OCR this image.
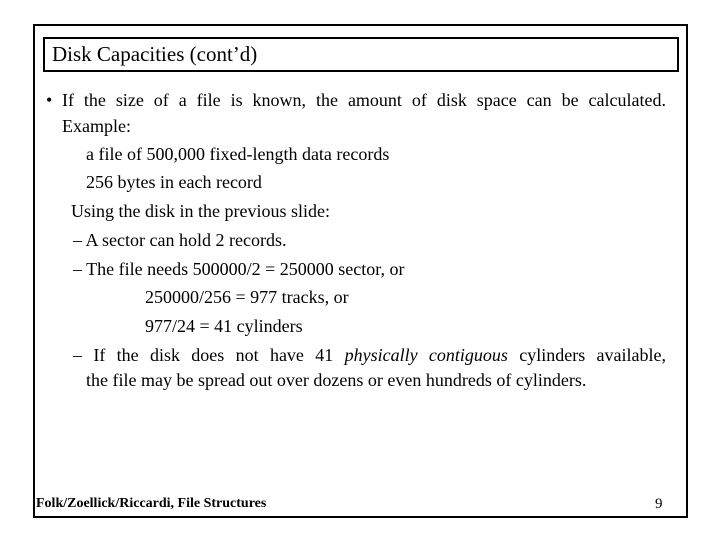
Disk Capacities (cont’d)
• If the size of a file is known, the amount of disk space can be calculated.
Example:
a file of 500,000 fixed-length data records
256 bytes in each record
Using the disk in the previous slide:
– A sector can hold 2 records.
– The file needs 500000/2 = 250000 sector, or
250000/256 = 977 tracks, or
977/24 = 41 cylinders
– If the disk does not have 41 physically contiguous cylinders available,
the file may be spread out over dozens or even hundreds of cylinders.
Folk/Zoellick/Riccardi, File Structures	9
